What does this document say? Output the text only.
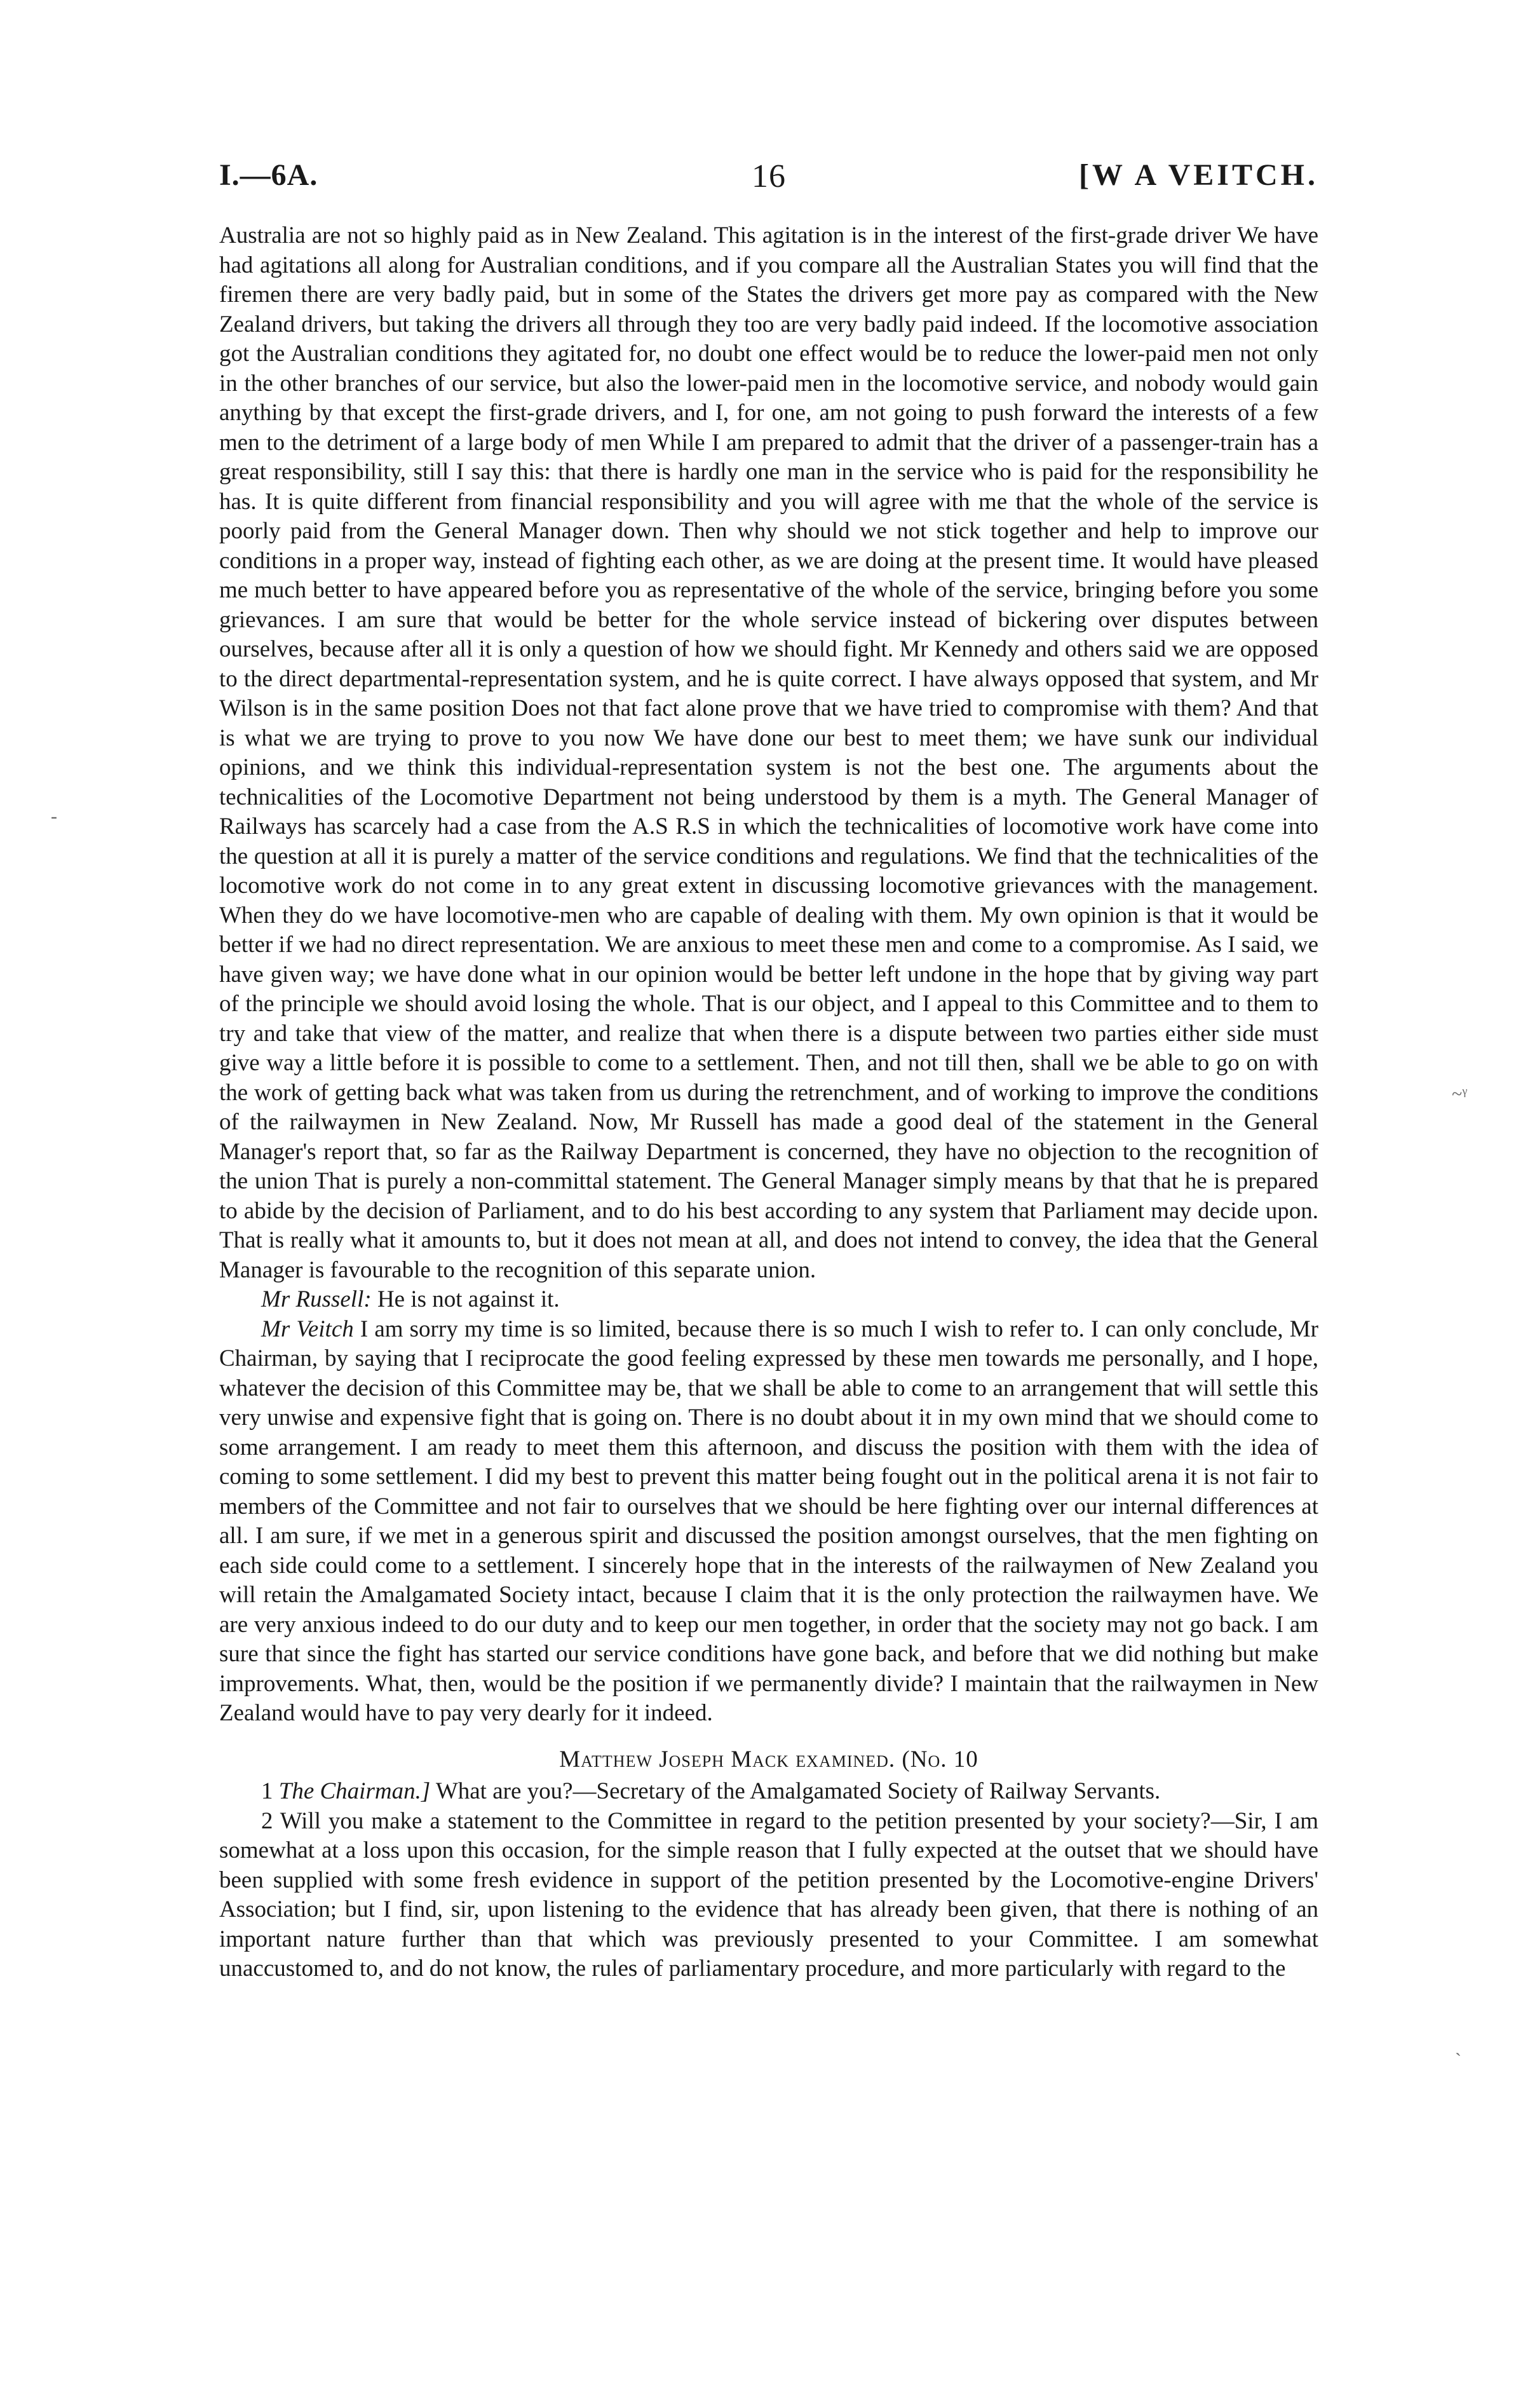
I.—6A.	16	[W A VEITCH.

Australia are not so highly paid as in New Zealand. This agitation is in the interest of the first-grade driver We have had agitations all along for Australian conditions, and if you compare all the Australian States you will find that the firemen there are very badly paid, but in some of the States the drivers get more pay as compared with the New Zealand drivers, but taking the drivers all through they too are very badly paid indeed. If the locomotive association got the Australian conditions they agitated for, no doubt one effect would be to reduce the lower-paid men not only in the other branches of our service, but also the lower-paid men in the locomotive service, and nobody would gain anything by that except the first-grade drivers, and I, for one, am not going to push forward the interests of a few men to the detriment of a large body of men While I am prepared to admit that the driver of a passenger-train has a great responsibility, still I say this: that there is hardly one man in the service who is paid for the responsibility he has. It is quite different from financial responsibility and you will agree with me that the whole of the service is poorly paid from the General Manager down. Then why should we not stick together and help to improve our conditions in a proper way, instead of fighting each other, as we are doing at the present time. It would have pleased me much better to have appeared before you as representative of the whole of the service, bringing before you some grievances. I am sure that would be better for the whole service instead of bickering over disputes between ourselves, because after all it is only a question of how we should fight. Mr Kennedy and others said we are opposed to the direct departmental-representation system, and he is quite correct. I have always opposed that system, and Mr Wilson is in the same position Does not that fact alone prove that we have tried to compromise with them? And that is what we are trying to prove to you now We have done our best to meet them; we have sunk our individual opinions, and we think this individual-representation system is not the best one. The arguments about the technicalities of the Locomotive Department not being understood by them is a myth. The General Manager of Railways has scarcely had a case from the A.S R.S in which the technicalities of locomotive work have come into the question at all it is purely a matter of the service conditions and regulations. We find that the technicalities of the locomotive work do not come in to any great extent in discussing locomotive grievances with the management. When they do we have locomotive-men who are capable of dealing with them. My own opinion is that it would be better if we had no direct representation. We are anxious to meet these men and come to a compromise. As I said, we have given way; we have done what in our opinion would be better left undone in the hope that by giving way part of the principle we should avoid losing the whole. That is our object, and I appeal to this Committee and to them to try and take that view of the matter, and realize that when there is a dispute between two parties either side must give way a little before it is possible to come to a settlement. Then, and not till then, shall we be able to go on with the work of getting back what was taken from us during the retrenchment, and of working to improve the conditions of the railwaymen in New Zealand. Now, Mr Russell has made a good deal of the statement in the General Manager's report that, so far as the Railway Department is concerned, they have no objection to the recognition of the union That is purely a non-committal statement. The General Manager simply means by that that he is prepared to abide by the decision of Parliament, and to do his best according to any system that Parliament may decide upon. That is really what it amounts to, but it does not mean at all, and does not intend to convey, the idea that the General Manager is favourable to the recognition of this separate union.

Mr Russell: He is not against it.

Mr Veitch I am sorry my time is so limited, because there is so much I wish to refer to. I can only conclude, Mr Chairman, by saying that I reciprocate the good feeling expressed by these men towards me personally, and I hope, whatever the decision of this Committee may be, that we shall be able to come to an arrangement that will settle this very unwise and expensive fight that is going on. There is no doubt about it in my own mind that we should come to some arrangement. I am ready to meet them this afternoon, and discuss the position with them with the idea of coming to some settlement. I did my best to prevent this matter being fought out in the political arena it is not fair to members of the Committee and not fair to ourselves that we should be here fighting over our internal differences at all. I am sure, if we met in a generous spirit and discussed the position amongst ourselves, that the men fighting on each side could come to a settlement. I sincerely hope that in the interests of the railwaymen of New Zealand you will retain the Amalgamated Society intact, because I claim that it is the only protection the railwaymen have. We are very anxious indeed to do our duty and to keep our men together, in order that the society may not go back. I am sure that since the fight has started our service conditions have gone back, and before that we did nothing but make improvements. What, then, would be the position if we permanently divide? I maintain that the railwaymen in New Zealand would have to pay very dearly for it indeed.

Matthew Joseph Mack examined. (No. 10

1 The Chairman.] What are you?—Secretary of the Amalgamated Society of Railway Servants.

2 Will you make a statement to the Committee in regard to the petition presented by your society?—Sir, I am somewhat at a loss upon this occasion, for the simple reason that I fully expected at the outset that we should have been supplied with some fresh evidence in support of the petition presented by the Locomotive-engine Drivers' Association; but I find, sir, upon listening to the evidence that has already been given, that there is nothing of an important nature further than that which was previously presented to your Committee. I am somewhat unaccustomed to, and do not know, the rules of parliamentary procedure, and more particularly with regard to the

-
~ᵞ
`
